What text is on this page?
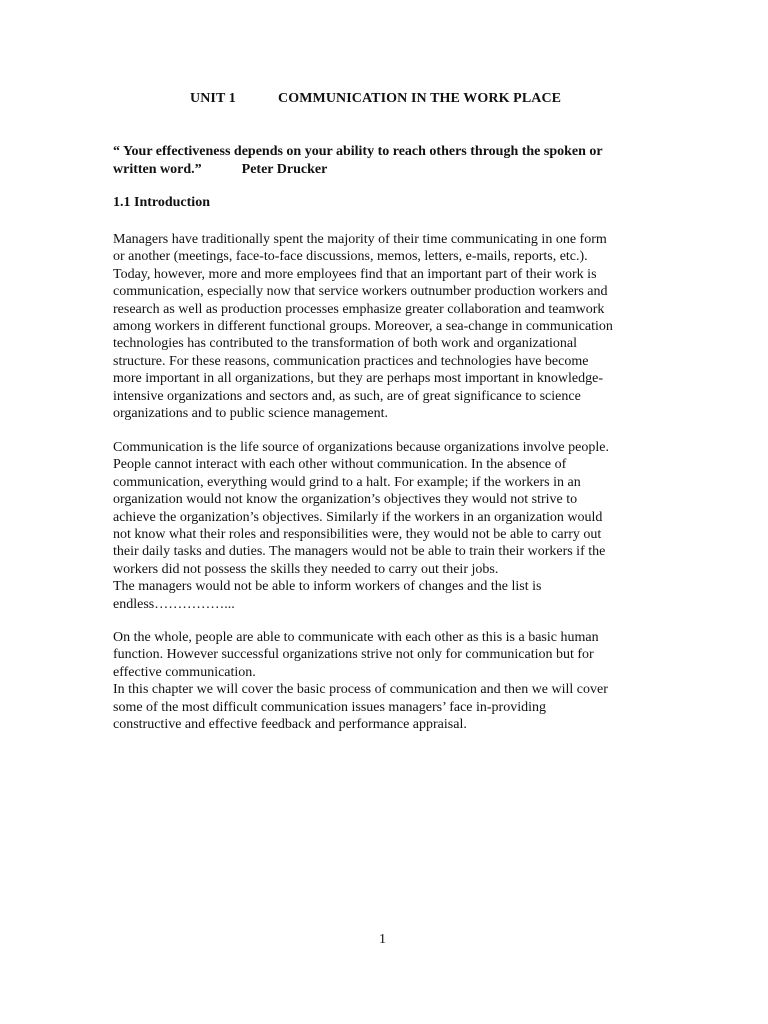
UNIT 1	COMMUNICATION IN THE WORK PLACE
“ Your effectiveness depends on your ability to reach others through the spoken or
written word.”	Peter Drucker
1.1 Introduction
Managers have traditionally spent the majority of their time communicating in one form
or another (meetings, face-to-face discussions, memos, letters, e-mails, reports, etc.).
Today, however, more and more employees find that an important part of their work is
communication, especially now that service workers outnumber production workers and
research as well as production processes emphasize greater collaboration and teamwork
among workers in different functional groups. Moreover, a sea-change in communication
technologies has contributed to the transformation of both work and organizational
structure. For these reasons, communication practices and technologies have become
more important in all organizations, but they are perhaps most important in knowledge-
intensive organizations and sectors and, as such, are of great significance to science
organizations and to public science management.
Communication is the life source of organizations because organizations involve people.
People cannot interact with each other without communication. In the absence of
communication, everything would grind to a halt. For example; if the workers in an
organization would not know the organization’s objectives they would not strive to
achieve the organization’s objectives. Similarly if the workers in an organization would
not know what their roles and responsibilities were, they would not be able to carry out
their daily tasks and duties. The managers would not be able to train their workers if the
workers did not possess the skills they needed to carry out their jobs.
The managers would not be able to inform workers of changes and the list is
endless……………...
On the whole, people are able to communicate with each other as this is a basic human
function. However successful organizations strive not only for communication but for
effective communication.
In this chapter we will cover the basic process of communication and then we will cover
some of the most difficult communication issues managers’ face in-providing
constructive and effective feedback and performance appraisal.
1
